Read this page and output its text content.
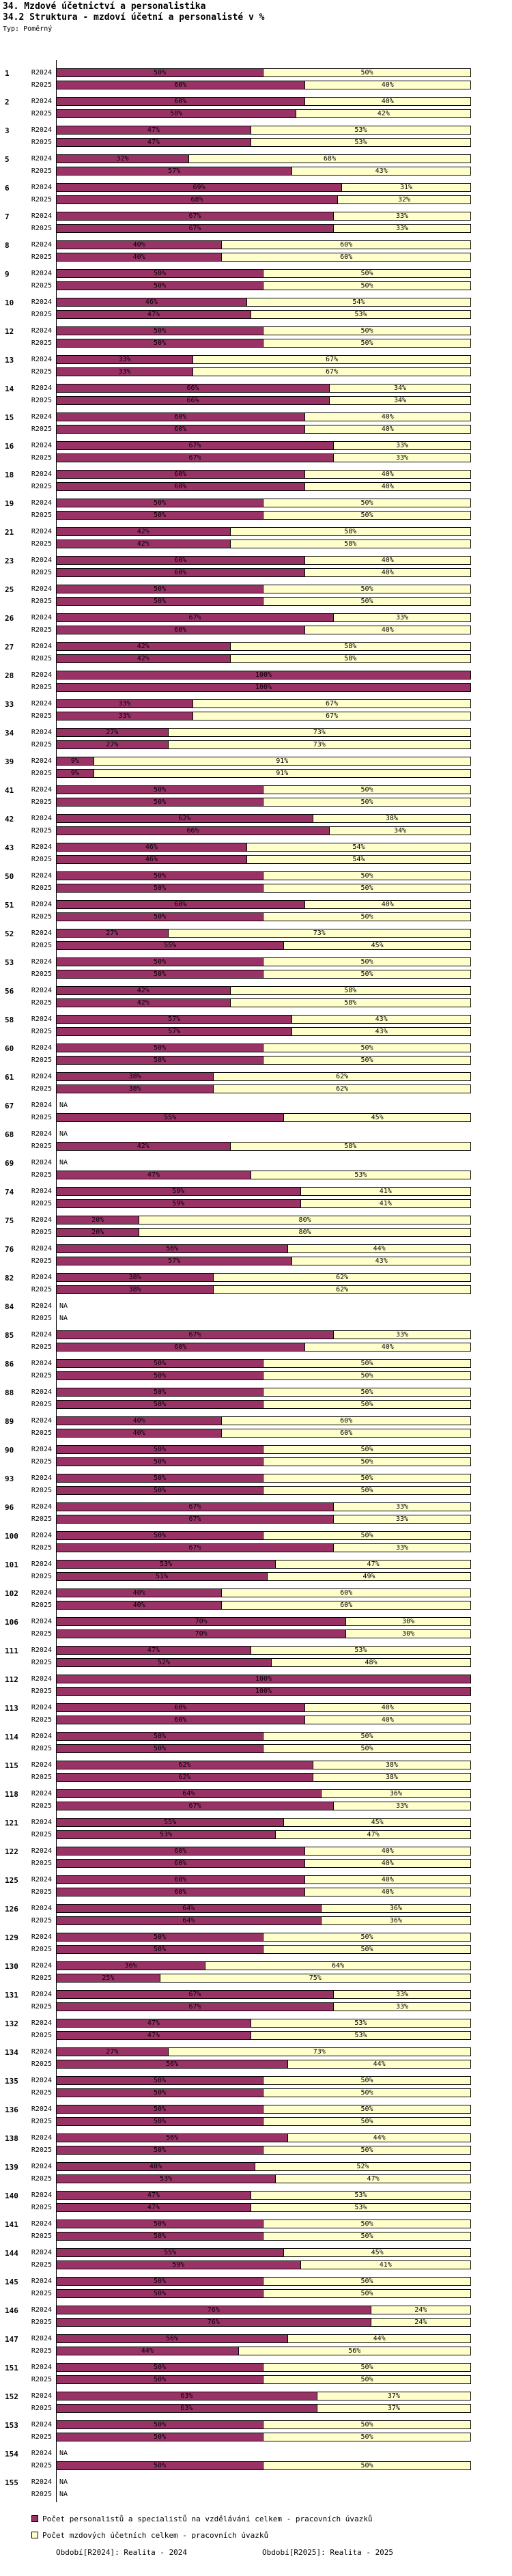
34. Mzdové účetnictví a personalistika
34.2 Struktura - mzdoví účetní a personalisté v %
Typ: Poměrný
1	R2024	50%	50%
R2025	60%	40%
2	R2024	60%	40%
R2025	58%	42%
3	R2024	47%	53%
R2025	47%	53%
5	R2024	32%	68%
R2025	57%	43%
6	R2024	69%	31%
R2025	68%	32%
7	R2024	67%	33%
R2025	67%	33%
8	R2024	40%	60%
R2025	40%	60%
9	R2024	50%	50%
R2025	50%	50%
10	R2024	46%	54%
R2025	47%	53%
12	R2024	50%	50%
R2025	50%	50%
13	R2024	33%	67%
R2025	33%	67%
14	R2024	66%	34%
R2025	66%	34%
15	R2024	60%	40%
R2025	60%	40%
16	R2024	67%	33%
R2025	67%	33%
18	R2024	60%	40%
R2025	60%	40%
19	R2024	50%	50%
R2025	50%	50%
21	R2024	42%	58%
R2025	42%	58%
23	R2024	60%	40%
R2025	60%	40%
25	R2024	50%	50%
R2025	50%	50%
26	R2024	67%	33%
R2025	60%	40%
27	R2024	42%	58%
R2025	42%	58%
28	R2024	100%
R2025	100%
33	R2024	33%	67%
R2025	33%	67%
34	R2024	27%	73%
R2025	27%	73%
39	R2024	9%	91%
R2025	9%	91%
41	R2024	50%	50%
R2025	50%	50%
42	R2024	62%	38%
R2025	66%	34%
43	R2024	46%	54%
R2025	46%	54%
50	R2024	50%	50%
R2025	50%	50%
51	R2024	60%	40%
R2025	50%	50%
52	R2024	27%	73%
R2025	55%	45%
53	R2024	50%	50%
R2025	50%	50%
56	R2024	42%	58%
R2025	42%	58%
58	R2024	57%	43%
R2025	57%	43%
60	R2024	50%	50%
R2025	50%	50%
61	R2024	38%	62%
R2025	38%	62%
67	R2024 NA
R2025	55%	45%
68	R2024 NA
R2025	42%	58%
69	R2024 NA
R2025	47%	53%
74	R2024	59%	41%
R2025	59%	41%
75	R2024	20%	80%
R2025	20%	80%
76	R2024	56%	44%
R2025	57%	43%
82	R2024	38%	62%
R2025	38%	62%
84	R2024 NA
R2025 NA
85	R2024	67%	33%
R2025	60%	40%
86	R2024	50%	50%
R2025	50%	50%
88	R2024	50%	50%
R2025	50%	50%
89	R2024	40%	60%
R2025	40%	60%
90	R2024	50%	50%
R2025	50%	50%
93	R2024	50%	50%
R2025	50%	50%
96	R2024	67%	33%
R2025	67%	33%
100	R2024	50%	50%
R2025	67%	33%
101	R2024	53%	47%
R2025	51%	49%
102	R2024	40%	60%
R2025	40%	60%
106	R2024	70%	30%
R2025	70%	30%
111	R2024	47%	53%
R2025	52%	48%
112	R2024	100%
R2025	100%
113	R2024	60%	40%
R2025	60%	40%
114	R2024	50%	50%
R2025	50%	50%
115	R2024	62%	38%
R2025	62%	38%
118	R2024	64%	36%
R2025	67%	33%
121	R2024	55%	45%
R2025	53%	47%
122	R2024	60%	40%
R2025	60%	40%
125	R2024	60%	40%
R2025	60%	40%
126	R2024	64%	36%
R2025	64%	36%
129	R2024	50%	50%
R2025	50%	50%
130	R2024	36%	64%
R2025	25%	75%
131	R2024	67%	33%
R2025	67%	33%
132	R2024	47%	53%
R2025	47%	53%
134	R2024	27%	73%
R2025	56%	44%
135	R2024	50%	50%
R2025	50%	50%
136	R2024	50%	50%
R2025	50%	50%
138	R2024	56%	44%
R2025	50%	50%
139	R2024	48%	52%
R2025	53%	47%
140	R2024	47%	53%
R2025	47%	53%
141	R2024	50%	50%
R2025	50%	50%
144	R2024	55%	45%
R2025	59%	41%
145	R2024	50%	50%
R2025	50%	50%
146	R2024	76%	24%
R2025	76%	24%
147	R2024	56%	44%
R2025	44%	56%
151	R2024	50%	50%
R2025	50%	50%
152	R2024	63%	37%
R2025	63%	37%
153	R2024	50%	50%
R2025	50%	50%
154	R2024 NA
R2025	50%	50%
155	R2024 NA
R2025 NA
Počet personalistů a specialistů na vzdělávání celkem - pracovních úvazků
Počet mzdových účetních celkem - pracovních úvazků
Období[R2024]: Realita - 2024	Období[R2025]: Realita - 2025
